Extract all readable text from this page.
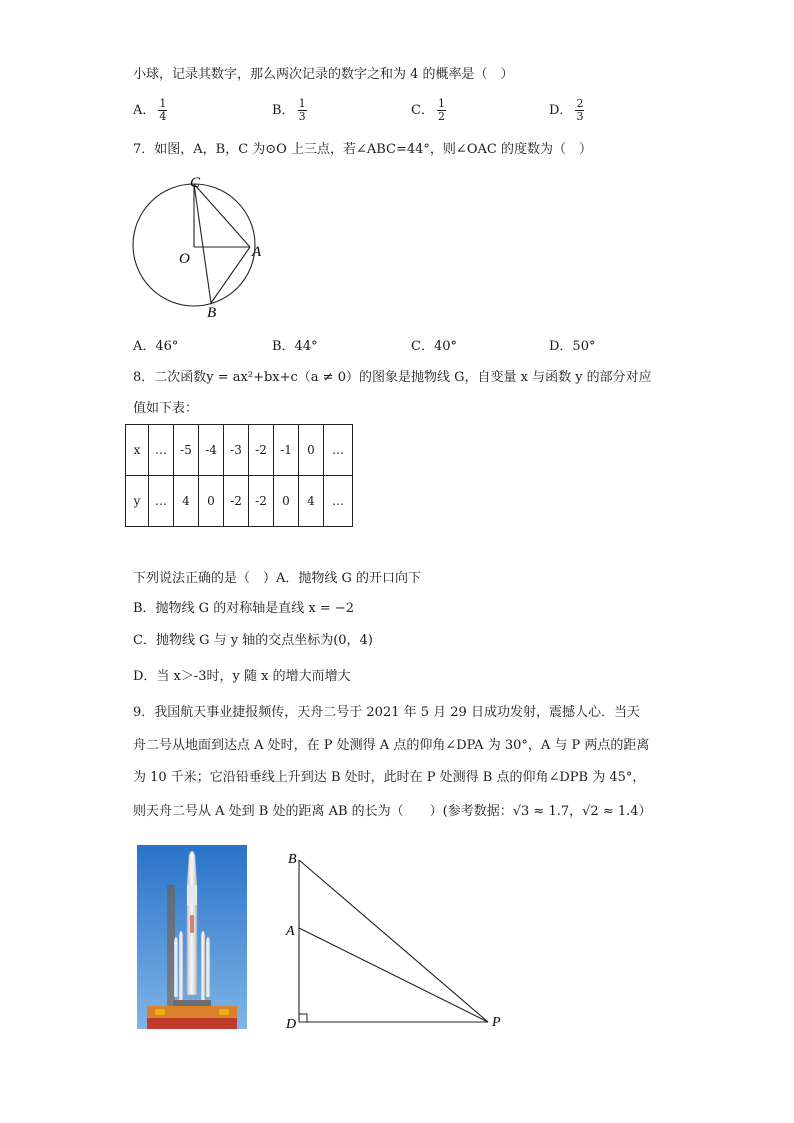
小球，记录其数字，那么两次记录的数字之和为 4 的概率是（　）
A． $\frac{1}{4}$	B． $\frac{1}{3}$	C． $\frac{1}{2}$	D． $\frac{2}{3}$
7．如图，A，B，C 为⊙O 上三点，若∠ABC=44°，则∠OAC 的度数为（　）
C
O	A
B
A．46°	B．44°	C．40°	D．50°
8．二次函数y = ax²+bx+c（a ≠ 0）的图象是抛物线 G，自变量 x 与函数 y 的部分对应
值如下表：
x	…	-5	-4	-3	-2	-1	0	…
y	…	4	0	-2	-2	0	4	…
下列说法正确的是（　）A．抛物线 G 的开口向下
B．抛物线 G 的对称轴是直线 x = −2
C．抛物线 G 与 y 轴的交点坐标为(0，4)
D．当 x＞-3时，y 随 x 的增大而增大
9．我国航天事业捷报频传，天舟二号于 2021 年 5 月 29 日成功发射，震撼人心．当天
舟二号从地面到达点 A 处时，在 P 处测得 A 点的仰角∠DPA 为 30°，A 与 P 两点的距离
为 10 千米；它沿铅垂线上升到达 B 处时，此时在 P 处测得 B 点的仰角∠DPB 为 45°，
则天舟二号从 A 处到 B 处的距离 AB 的长为（　　）(参考数据：√3 ≈ 1.7，√2 ≈ 1.4）
B
A
D	P
